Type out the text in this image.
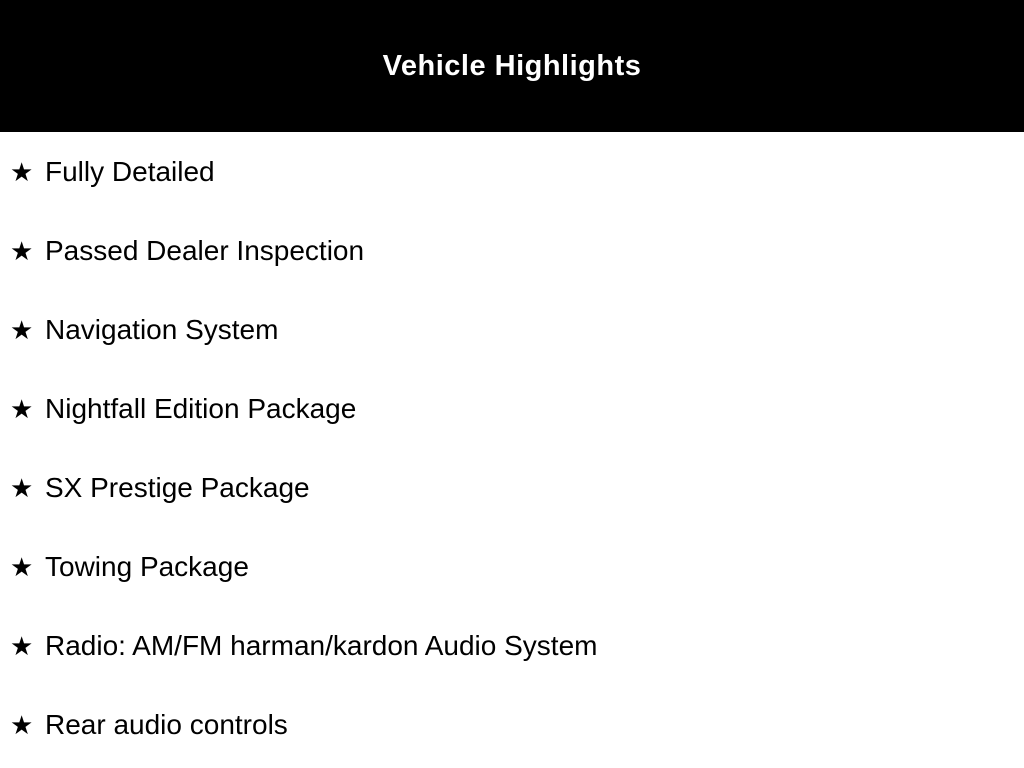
Vehicle Highlights
★ Fully Detailed
★ Passed Dealer Inspection
★ Navigation System
★ Nightfall Edition Package
★ SX Prestige Package
★ Towing Package
★ Radio: AM/FM harman/kardon Audio System
★ Rear audio controls
